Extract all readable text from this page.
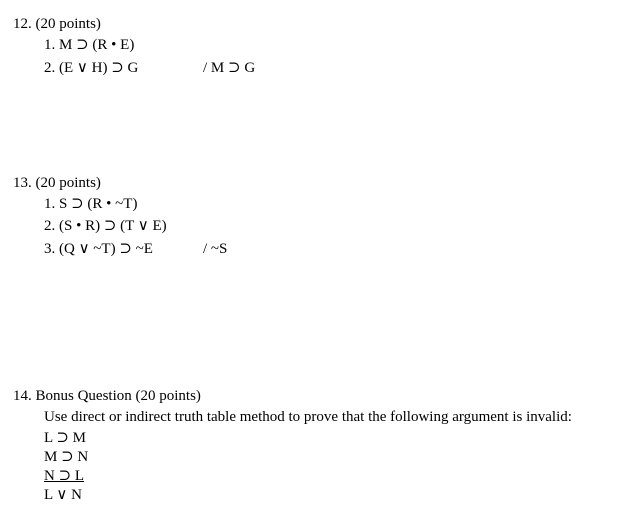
12. (20 points)
1. M ⊃ (R • E)
2. (E ∨ H) ⊃ G	/ M ⊃ G
13. (20 points)
1. S ⊃ (R • ~T)
2. (S • R) ⊃ (T ∨ E)
3. (Q ∨ ~T) ⊃ ~E	/ ~S
14. Bonus Question (20 points)
Use direct or indirect truth table method to prove that the following argument is invalid:
L ⊃ M
M ⊃ N
N ⊃ L
L ∨ N
